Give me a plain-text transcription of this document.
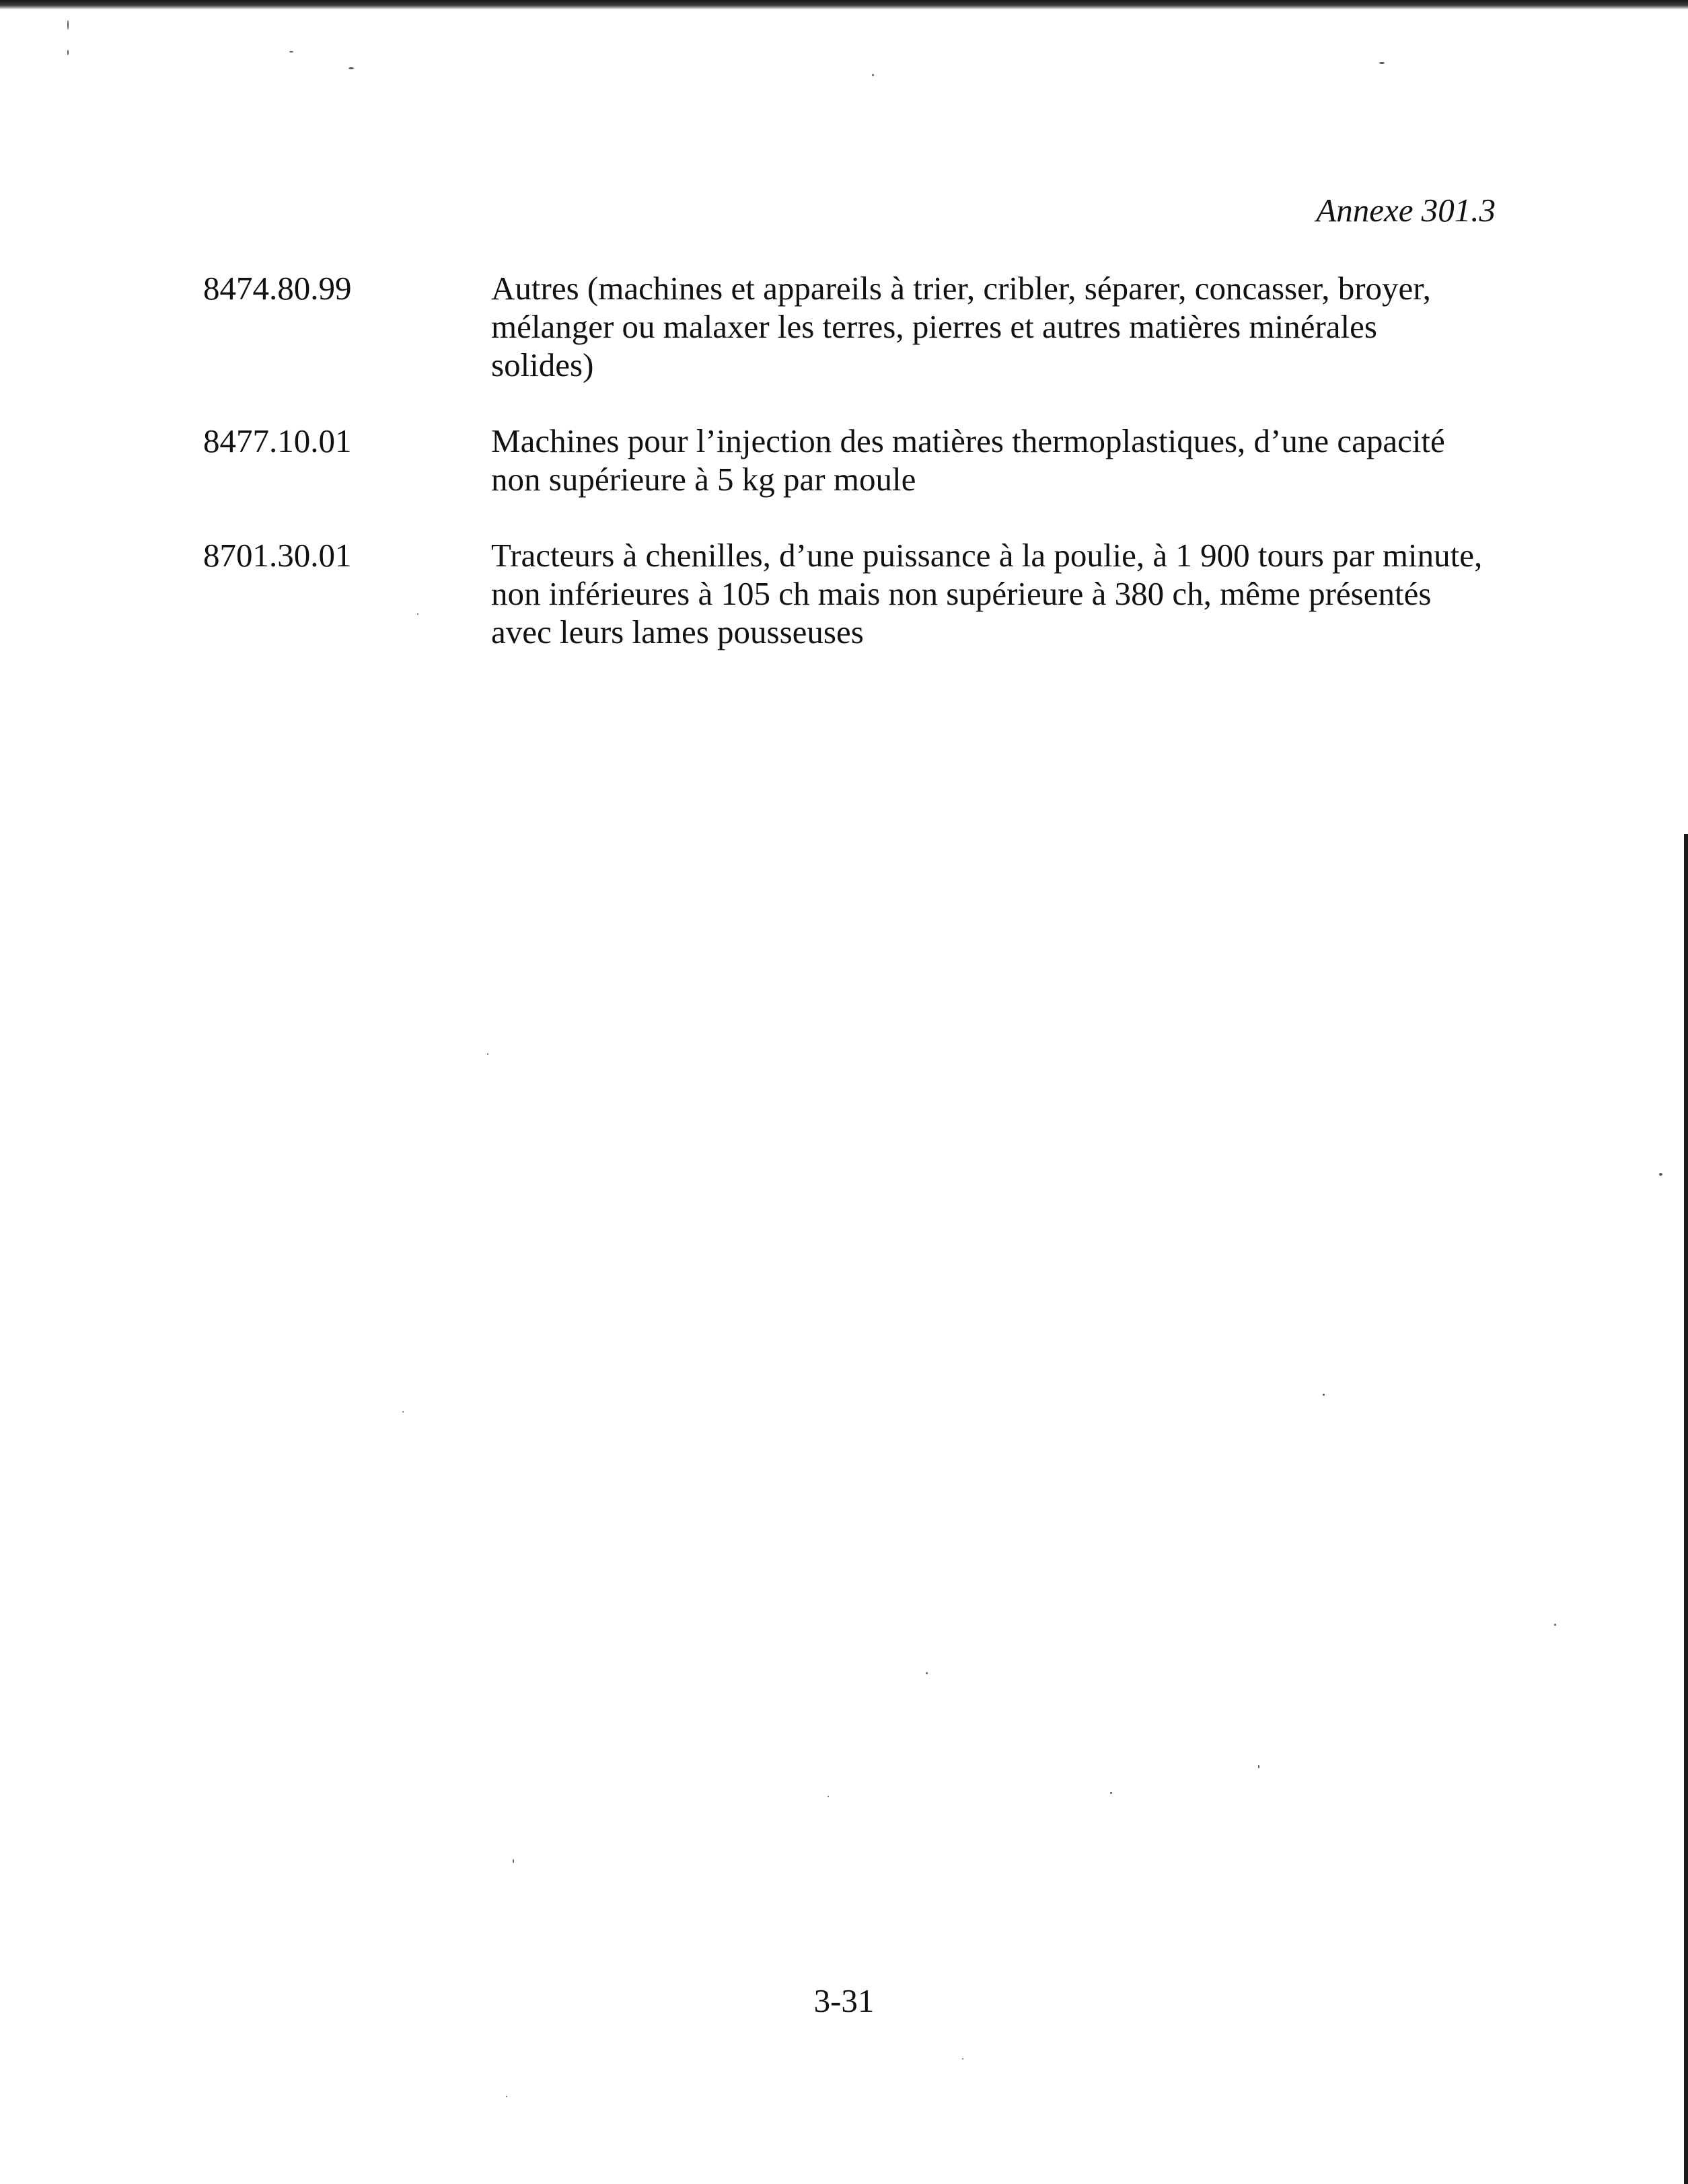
Annexe 301.3
8474.80.99	Autres (machines et appareils à trier, cribler, séparer, concasser, broyer, mélanger ou malaxer les terres, pierres et autres matières minérales solides)
8477.10.01	Machines pour l’injection des matières thermoplastiques, d’une capacité non supérieure à 5 kg par moule
8701.30.01	Tracteurs à chenilles, d’une puissance à la poulie, à 1 900 tours par minute, non inférieures à 105 ch mais non supérieure à 380 ch, même présentés avec leurs lames pousseuses
3-31
